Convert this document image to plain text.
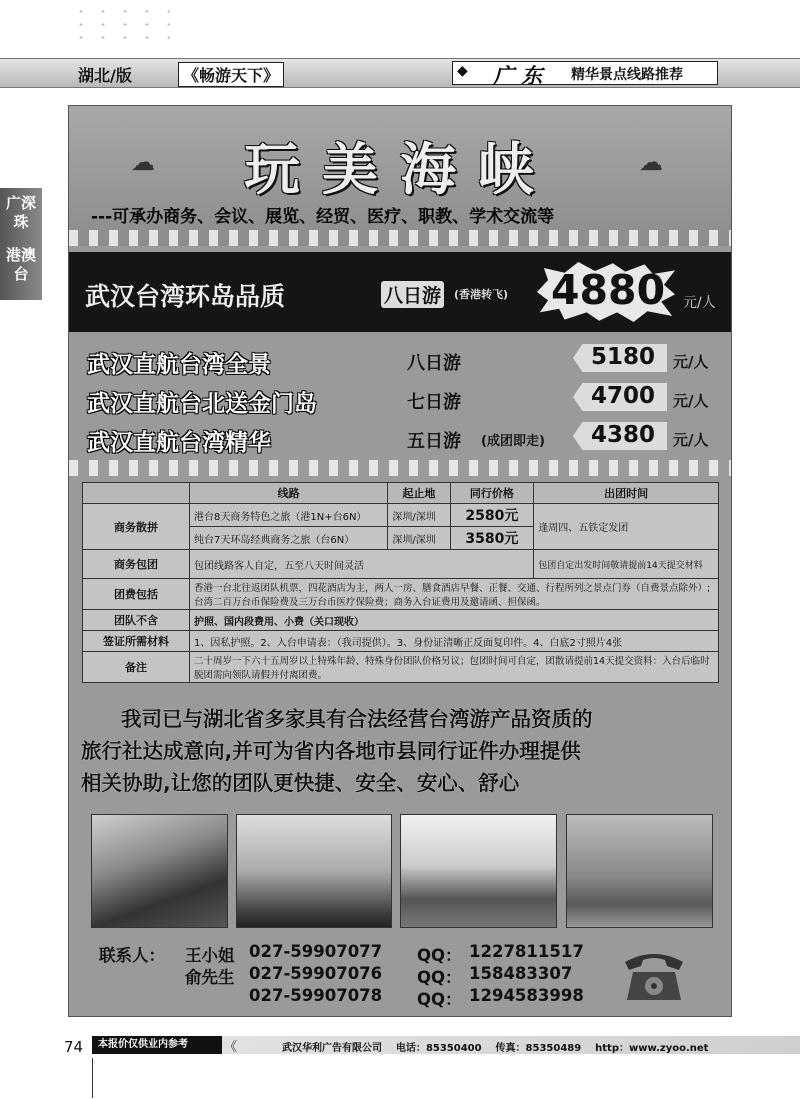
湖北/版	《畅游天下》	◆ 广 东 精华景点线路推荐
广深珠
港澳台
☁	☁
玩美海峡
---可承办商务、会议、展览、经贸、医疗、职教、学术交流等
武汉台湾环岛品质	八日游 (香港转飞) 4880 元/人
武汉直航台湾全景	八日游	5180 元/人
武汉直航台北送金门岛	七日游	4700 元/人
武汉直航台湾精华	五日游 (成团即走) 4380 元/人
	线路	起止地	同行价格	出团时间
商务散拼	港台8天商务特色之旅（港1N+台6N）	深圳/深圳	2580元	逢周四、五铁定发团
	纯台7天环岛经典商务之旅（台6N）	深圳/深圳	3580元	
商务包团	包团线路客人自定，五至八天时间灵活			包团自定出发时间敬请提前14天提交材料
团费包括	香港一台北往返团队机票，四花酒店为主，两人一房、膳食酒店早餐、正餐、交通、行程所列之景点门券（自费景点除外）;台湾二百万台币保险费及三万台币医疗保险费；商务入台证费用及邀请函、担保函。			
团队不含	护照、国内段费用、小费（关口现收）			
签证所需材料	1、因私护照。2、入台申请表：（我司提供）。3、身份证清晰正反面复印件。4、白底2寸照片4张			
备注	二十周岁一下六十五周岁以上特殊年龄、特殊身份团队价格另议；包团时间可自定，团散请提前14天提交资料：入台后临时脱团需向领队请假并付离团费。			

我司已与湖北省多家具有合法经营台湾游产品资质的

旅行社达成意向,并可为省内各地市县同行证件办理提供

相关协助,让您的团队更快捷、安全、安心、舒心

联系人： 王小姐 027-59907077 QQ： 1227811517
俞先生 027-59907076 QQ： 158483307
027-59907078 QQ： 1294583998
74	本报价仅供业内参考	《	武汉华利广告有限公司 电话：85350400 传真：85350489 http：www.zyoo.net
